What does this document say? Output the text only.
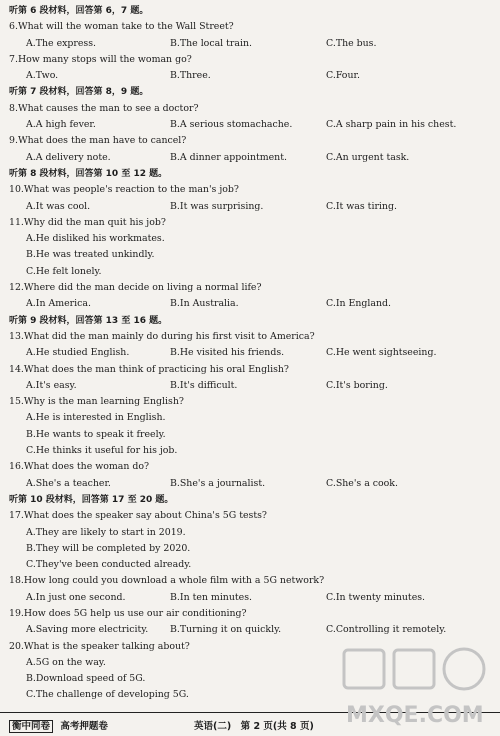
听第 6 段材料，回答第 6，7 题。
6.What will the woman take to the Wall Street?
A.The express.	B.The local train.	C.The bus.
7.How many stops will the woman go?
A.Two.	B.Three.	C.Four.
听第 7 段材料，回答第 8，9 题。
8.What causes the man to see a doctor?
A.A high fever.	B.A serious stomachache.	C.A sharp pain in his chest.
9.What does the man have to cancel?
A.A delivery note.	B.A dinner appointment.	C.An urgent task.
听第 8 段材料，回答第 10 至 12 题。
10.What was people's reaction to the man's job?
A.It was cool.	B.It was surprising.	C.It was tiring.
11.Why did the man quit his job?
A.He disliked his workmates.
B.He was treated unkindly.
C.He felt lonely.
12.Where did the man decide on living a normal life?
A.In America.	B.In Australia.	C.In England.
听第 9 段材料，回答第 13 至 16 题。
13.What did the man mainly do during his first visit to America?
A.He studied English.	B.He visited his friends.	C.He went sightseeing.
14.What does the man think of practicing his oral English?
A.It's easy.	B.It's difficult.	C.It's boring.
15.Why is the man learning English?
A.He is interested in English.
B.He wants to speak it freely.
C.He thinks it useful for his job.
16.What does the woman do?
A.She's a teacher.	B.She's a journalist.	C.She's a cook.
听第 10 段材料，回答第 17 至 20 题。
17.What does the speaker say about China's 5G tests?
A.They are likely to start in 2019.
B.They will be completed by 2020.
C.They've been conducted already.
18.How long could you download a whole film with a 5G network?
A.In just one second.	B.In ten minutes.	C.In twenty minutes.
19.How does 5G help us use our air conditioning?
A.Saving more electricity. B.Turning it on quickly.	C.Controlling it remotely.
20.What is the speaker talking about?
A.5G on the way.
B.Download speed of 5G.
C.The challenge of developing 5G.
衡中同卷 高考押题卷	英语(二)　第 2 页(共 8 页) MXQE.COM
